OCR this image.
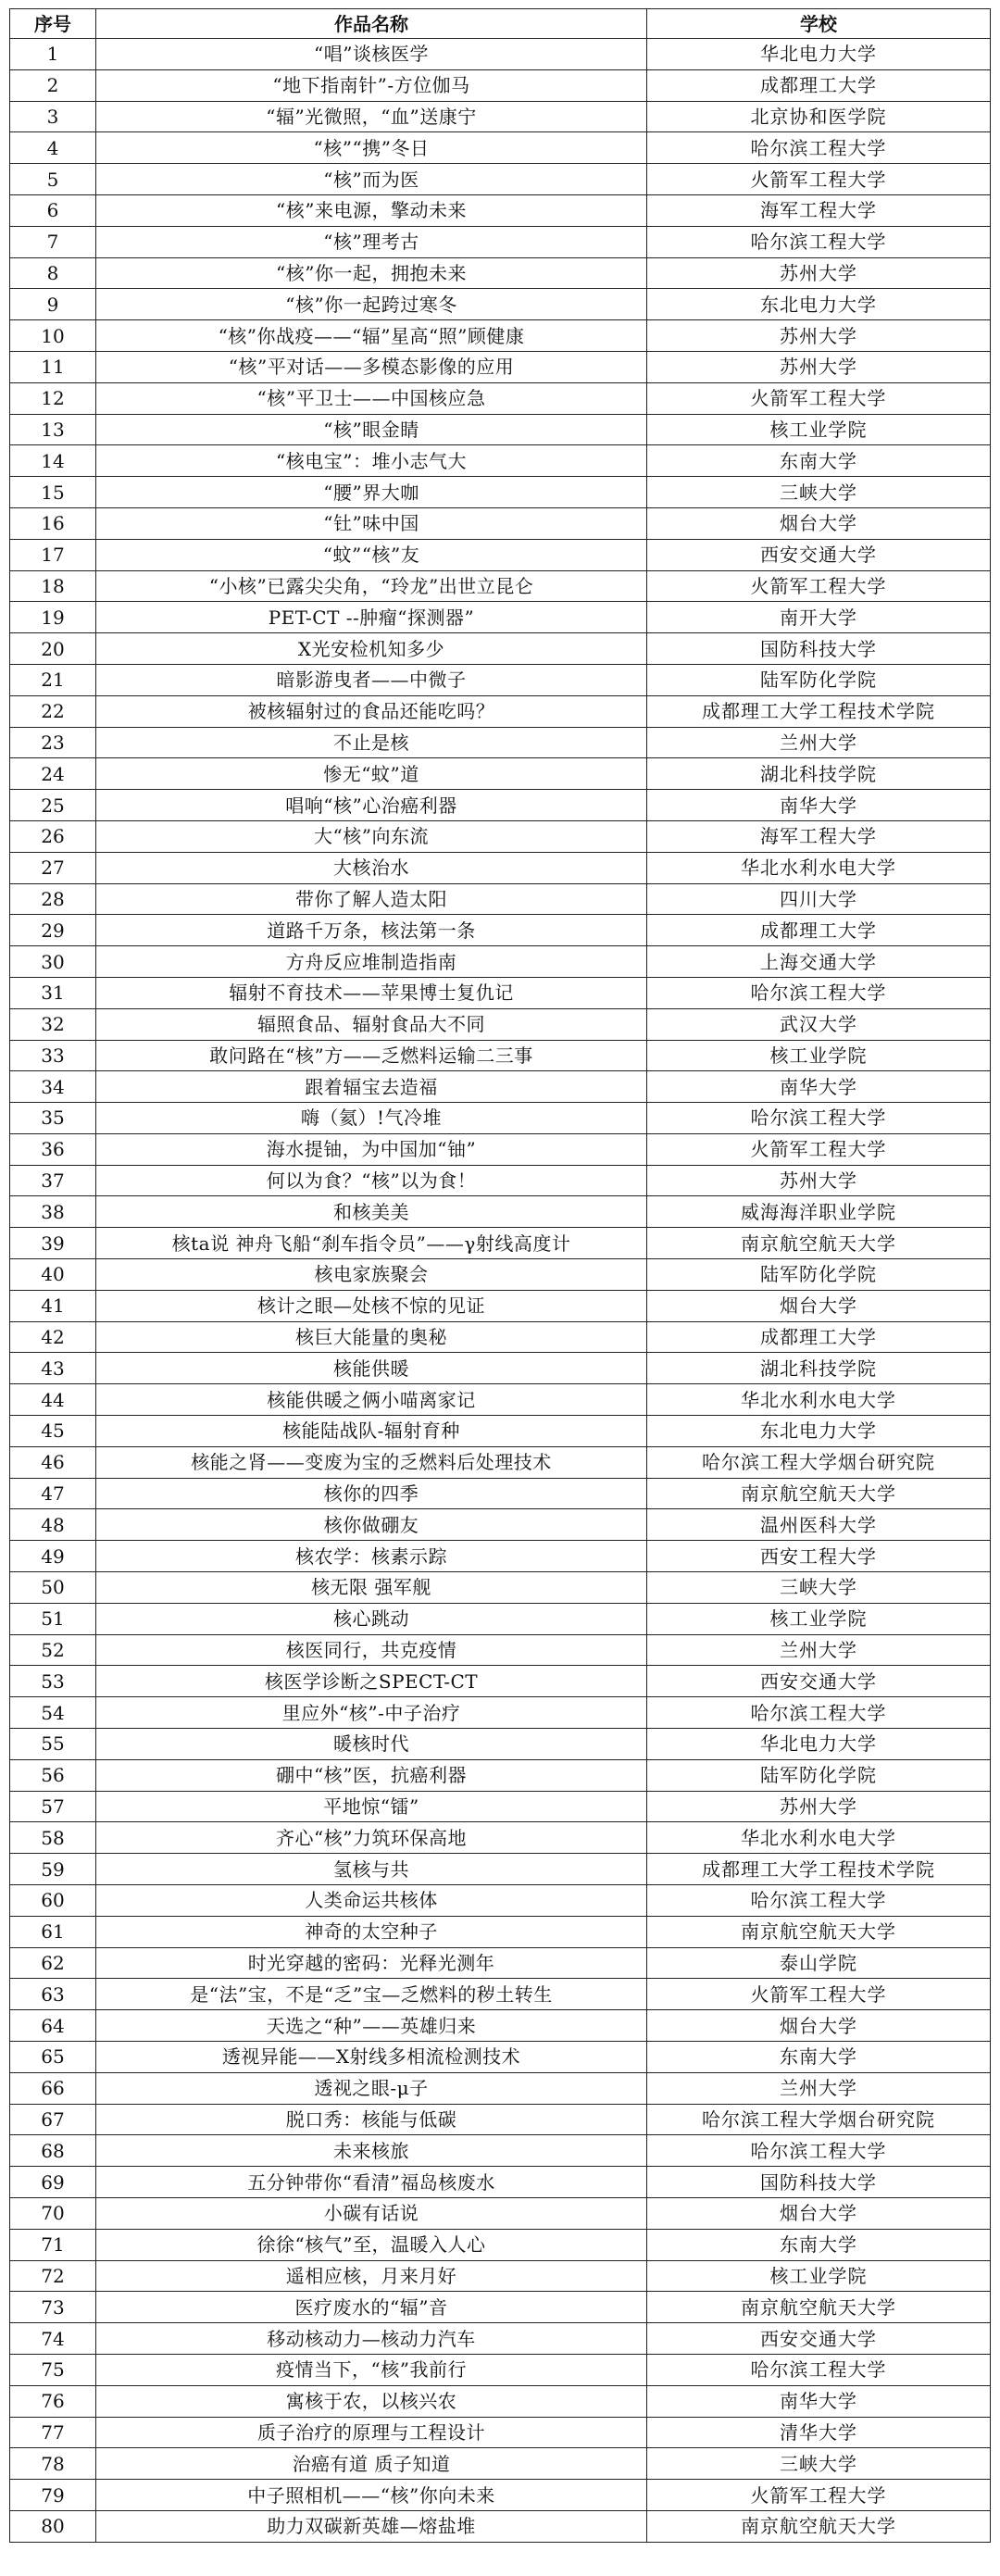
序号	作品名称	学校
1	“唱”谈核医学	华北电力大学
2	“地下指南针”-方位伽马	成都理工大学
3	“辐”光微照，“血”送康宁	北京协和医学院
4	“核”“携”冬日	哈尔滨工程大学
5	“核”而为医	火箭军工程大学
6	“核”来电源，擎动未来	海军工程大学
7	“核”理考古	哈尔滨工程大学
8	“核”你一起，拥抱未来	苏州大学
9	“核”你一起跨过寒冬	东北电力大学
10	“核”你战疫——“辐”星高“照”顾健康	苏州大学
11	“核”平对话——多模态影像的应用	苏州大学
12	“核”平卫士——中国核应急	火箭军工程大学
13	“核”眼金睛	核工业学院
14	“核电宝”：堆小志气大	东南大学
15	“腰”界大咖	三峡大学
16	“钍”味中国	烟台大学
17	“蚊”“核”友	西安交通大学
18	“小核”已露尖尖角，“玲龙”出世立昆仑	火箭军工程大学
19	PET-CT --肿瘤“探测器”	南开大学
20	X光安检机知多少	国防科技大学
21	暗影游曳者——中微子	陆军防化学院
22	被核辐射过的食品还能吃吗？	成都理工大学工程技术学院
23	不止是核	兰州大学
24	惨无“蚊”道	湖北科技学院
25	唱响“核”心治癌利器	南华大学
26	大“核”向东流	海军工程大学
27	大核治水	华北水利水电大学
28	带你了解人造太阳	四川大学
29	道路千万条，核法第一条	成都理工大学
30	方舟反应堆制造指南	上海交通大学
31	辐射不育技术——苹果博士复仇记	哈尔滨工程大学
32	辐照食品、辐射食品大不同	武汉大学
33	敢问路在“核”方——乏燃料运输二三事	核工业学院
34	跟着辐宝去造福	南华大学
35	嗨（氦）!气冷堆	哈尔滨工程大学
36	海水提铀，为中国加“铀”	火箭军工程大学
37	何以为食？“核”以为食！	苏州大学
38	和核美美	威海海洋职业学院
39	核ta说 神舟飞船“刹车指令员”——γ射线高度计	南京航空航天大学
40	核电家族聚会	陆军防化学院
41	核计之眼—处核不惊的见证	烟台大学
42	核巨大能量的奥秘	成都理工大学
43	核能供暖	湖北科技学院
44	核能供暖之俩小喵离家记	华北水利水电大学
45	核能陆战队-辐射育种	东北电力大学
46	核能之肾——变废为宝的乏燃料后处理技术	哈尔滨工程大学烟台研究院
47	核你的四季	南京航空航天大学
48	核你做硼友	温州医科大学
49	核农学：核素示踪	西安工程大学
50	核无限 强军舰	三峡大学
51	核心跳动	核工业学院
52	核医同行，共克疫情	兰州大学
53	核医学诊断之SPECT-CT	西安交通大学
54	里应外“核”-中子治疗	哈尔滨工程大学
55	暖核时代	华北电力大学
56	硼中“核”医，抗癌利器	陆军防化学院
57	平地惊“镭”	苏州大学
58	齐心“核”力筑环保高地	华北水利水电大学
59	氢核与共	成都理工大学工程技术学院
60	人类命运共核体	哈尔滨工程大学
61	神奇的太空种子	南京航空航天大学
62	时光穿越的密码：光释光测年	泰山学院
63	是“法”宝，不是“乏”宝—乏燃料的秽土转生	火箭军工程大学
64	天选之“种”——英雄归来	烟台大学
65	透视异能——X射线多相流检测技术	东南大学
66	透视之眼-μ子	兰州大学
67	脱口秀：核能与低碳	哈尔滨工程大学烟台研究院
68	未来核旅	哈尔滨工程大学
69	五分钟带你“看清”福岛核废水	国防科技大学
70	小碳有话说	烟台大学
71	徐徐“核气”至，温暖入人心	东南大学
72	遥相应核，月来月好	核工业学院
73	医疗废水的“辐”音	南京航空航天大学
74	移动核动力—核动力汽车	西安交通大学
75	疫情当下，“核”我前行	哈尔滨工程大学
76	寓核于农，以核兴农	南华大学
77	质子治疗的原理与工程设计	清华大学
78	治癌有道 质子知道	三峡大学
79	中子照相机——“核”你向未来	火箭军工程大学
80	助力双碳新英雄—熔盐堆	南京航空航天大学
